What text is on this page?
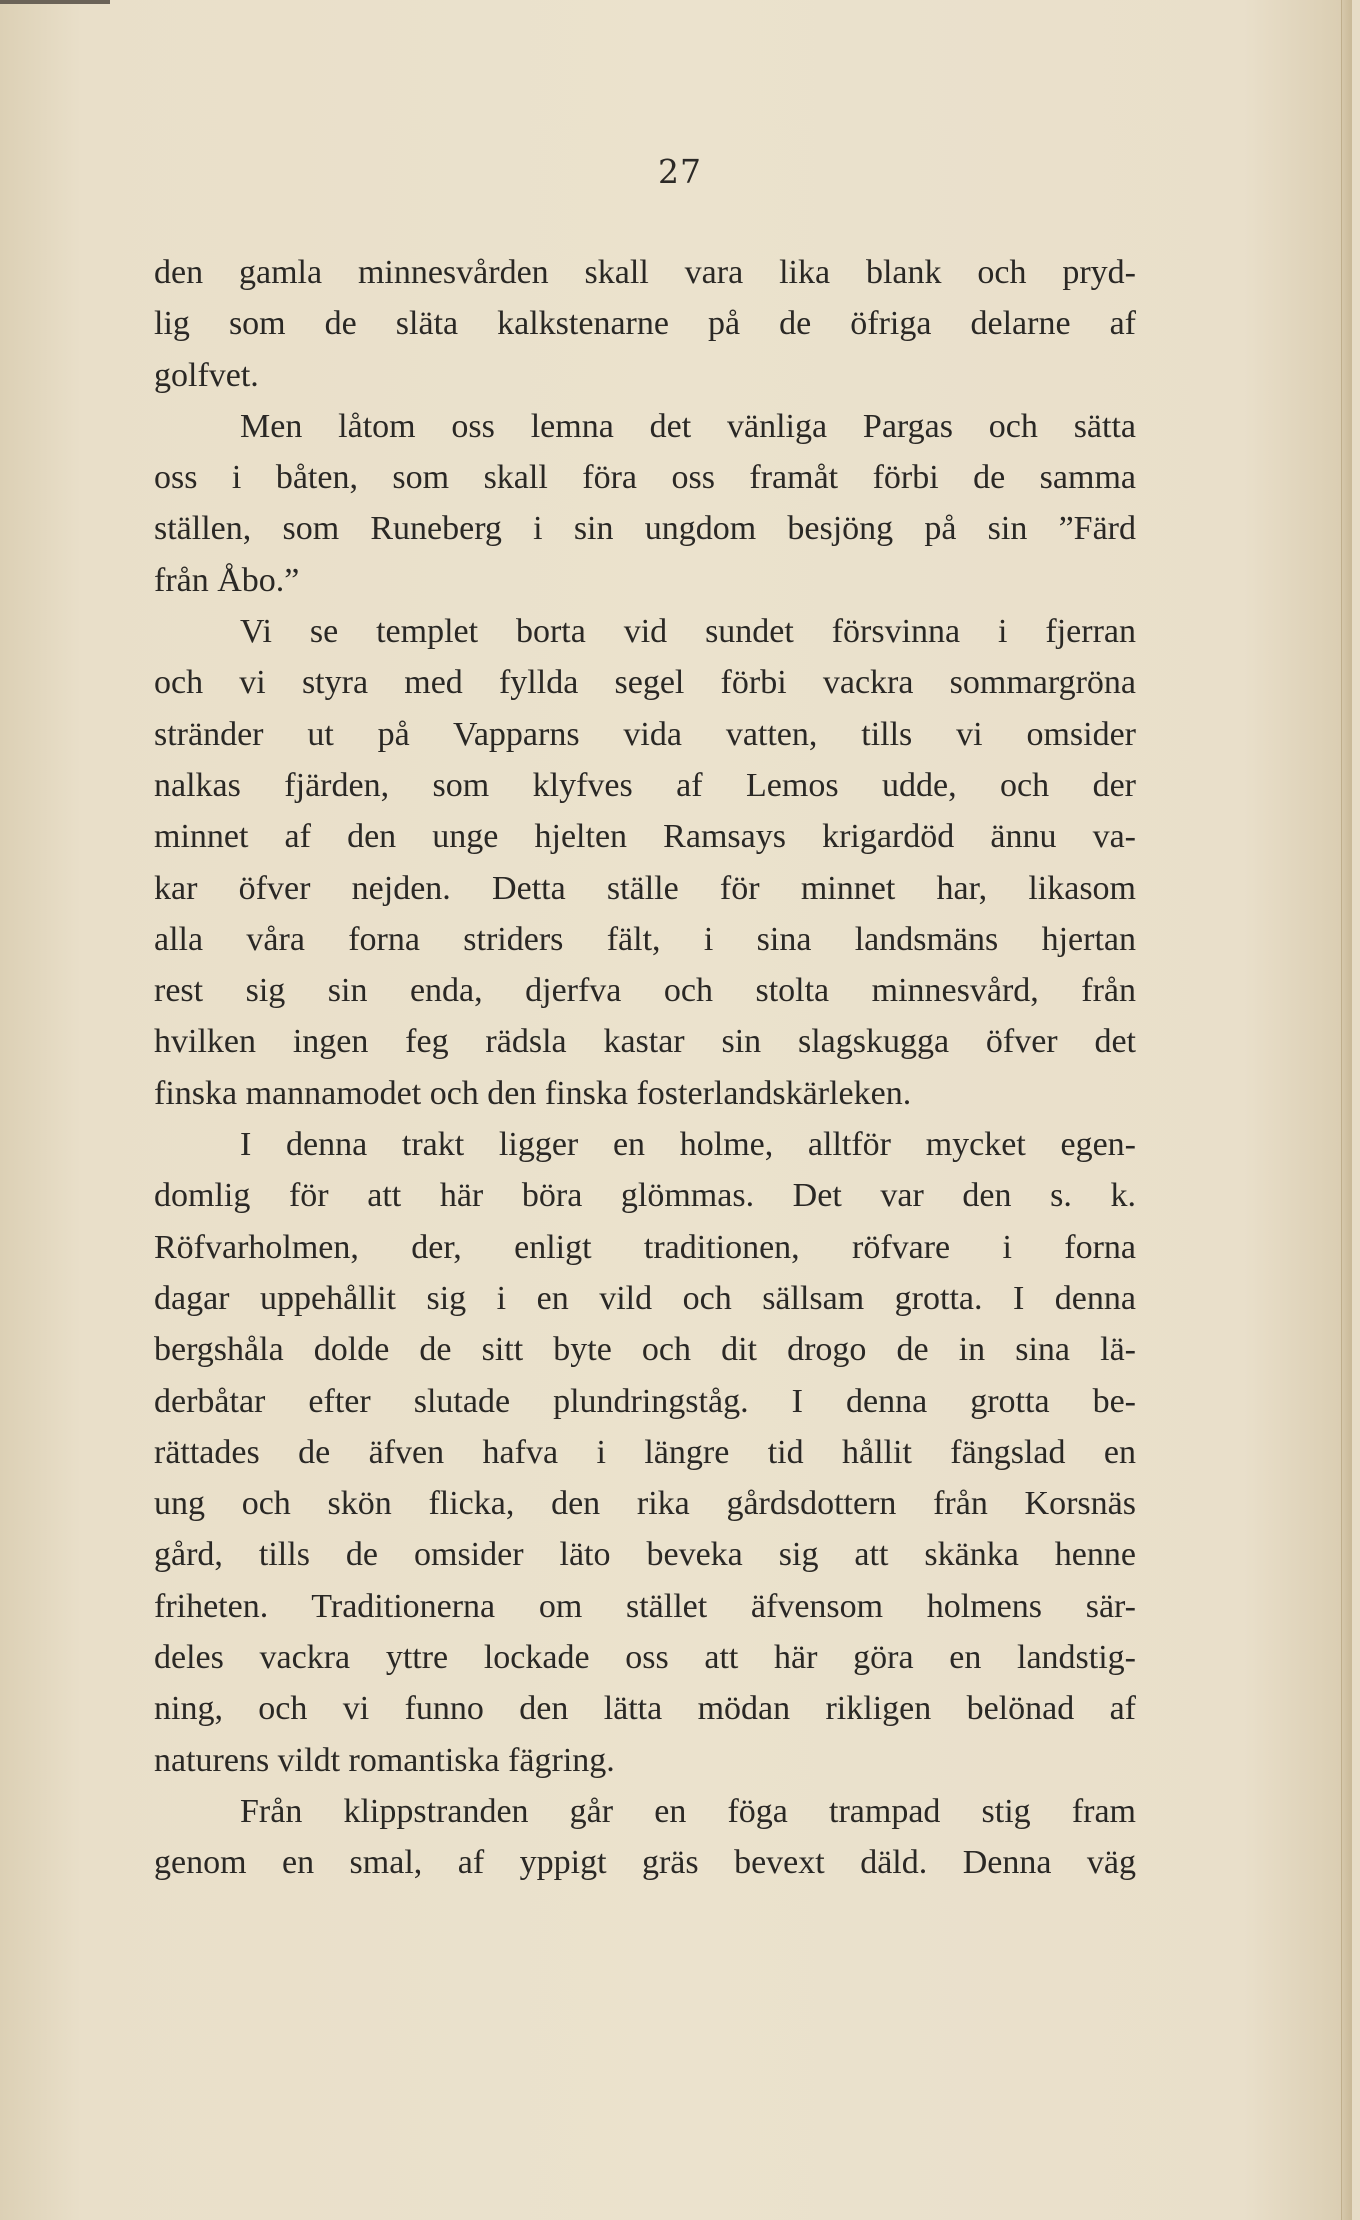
27
den gamla minnesvården skall vara lika blank och pryd-
lig som de släta kalkstenarne på de öfriga delarne af
golfvet.
Men låtom oss lemna det vänliga Pargas och sätta
oss i båten, som skall föra oss framåt förbi de samma
ställen, som Runeberg i sin ungdom besjöng på sin ”Färd
från Åbo.”
Vi se templet borta vid sundet försvinna i fjerran
och vi styra med fyllda segel förbi vackra sommargröna
stränder ut på Vapparns vida vatten, tills vi omsider
nalkas fjärden, som klyfves af Lemos udde, och der
minnet af den unge hjelten Ramsays krigardöd ännu va-
kar öfver nejden. Detta ställe för minnet har, likasom
alla våra forna striders fält, i sina landsmäns hjertan
rest sig sin enda, djerfva och stolta minnesvård, från
hvilken ingen feg rädsla kastar sin slagskugga öfver det
finska mannamodet och den finska fosterlandskärleken.
I denna trakt ligger en holme, alltför mycket egen-
domlig för att här böra glömmas. Det var den s. k.
Röfvarholmen, der, enligt traditionen, röfvare i forna
dagar uppehållit sig i en vild och sällsam grotta. I denna
bergshåla dolde de sitt byte och dit drogo de in sina lä-
derbåtar efter slutade plundringståg. I denna grotta be-
rättades de äfven hafva i längre tid hållit fängslad en
ung och skön flicka, den rika gårdsdottern från Korsnäs
gård, tills de omsider läto beveka sig att skänka henne
friheten. Traditionerna om stället äfvensom holmens sär-
deles vackra yttre lockade oss att här göra en landstig-
ning, och vi funno den lätta mödan rikligen belönad af
naturens vildt romantiska fägring.
Från klippstranden går en föga trampad stig fram
genom en smal, af yppigt gräs bevext däld. Denna väg
